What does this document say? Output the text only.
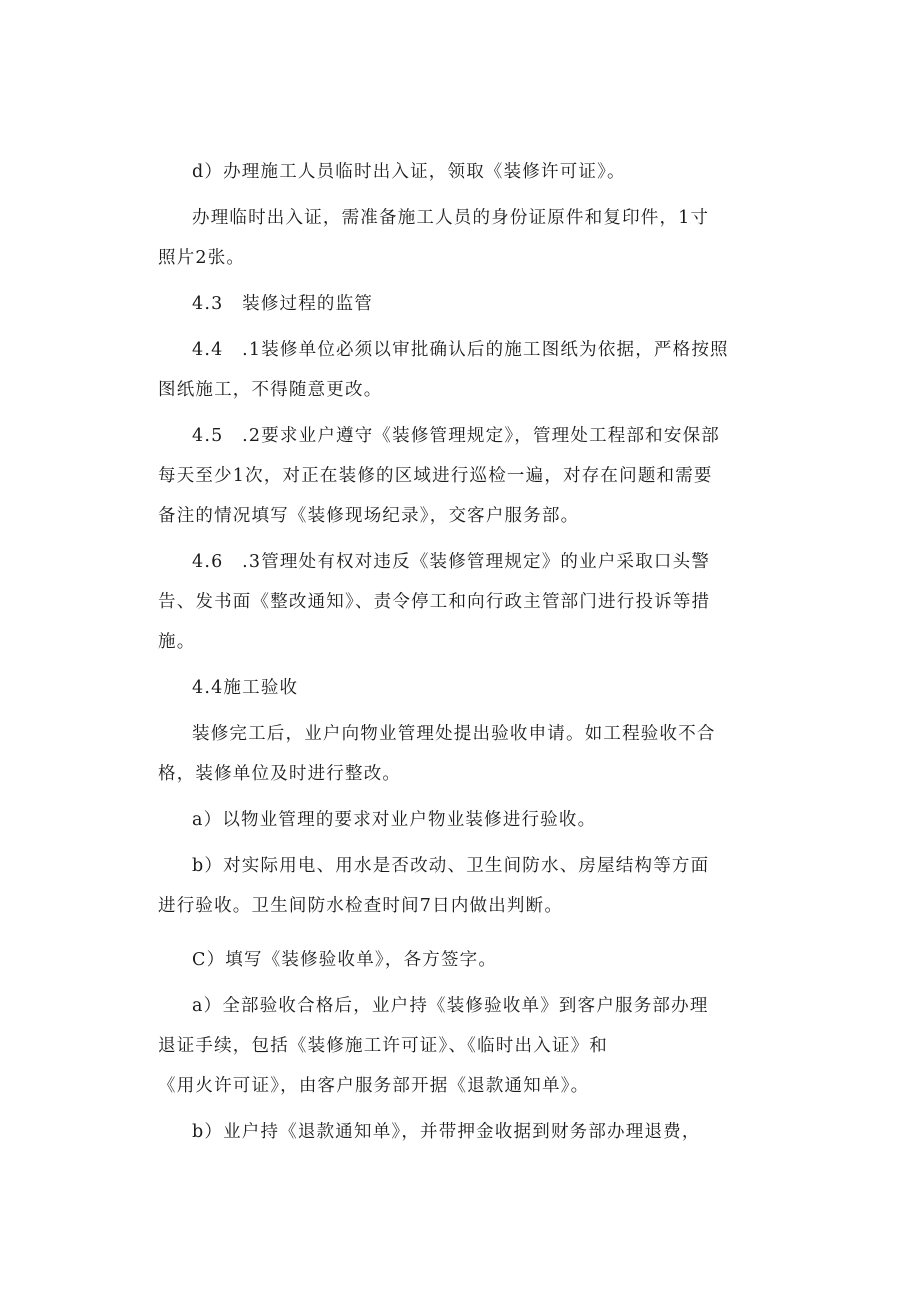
d）办理施工人员临时出入证，领取《装修许可证》。

办理临时出入证，需准备施工人员的身份证原件和复印件，1寸
照片2张。

4.3　装修过程的监管

4.4　.1装修单位必须以审批确认后的施工图纸为依据，严格按照
图纸施工，不得随意更改。

4.5　.2要求业户遵守《装修管理规定》，管理处工程部和安保部
每天至少1次，对正在装修的区域进行巡检一遍，对存在问题和需要
备注的情况填写《装修现场纪录》，交客户服务部。

4.6　.3管理处有权对违反《装修管理规定》的业户采取口头警
告、发书面《整改通知》、责令停工和向行政主管部门进行投诉等措
施。

4.4施工验收

装修完工后，业户向物业管理处提出验收申请。如工程验收不合
格，装修单位及时进行整改。

a）以物业管理的要求对业户物业装修进行验收。

b）对实际用电、用水是否改动、卫生间防水、房屋结构等方面
进行验收。卫生间防水检查时间7日内做出判断。

C）填写《装修验收单》，各方签字。

a）全部验收合格后，业户持《装修验收单》到客户服务部办理
退证手续，包括《装修施工许可证》、《临时出入证》和
《用火许可证》，由客户服务部开据《退款通知单》。

b）业户持《退款通知单》，并带押金收据到财务部办理退费，
